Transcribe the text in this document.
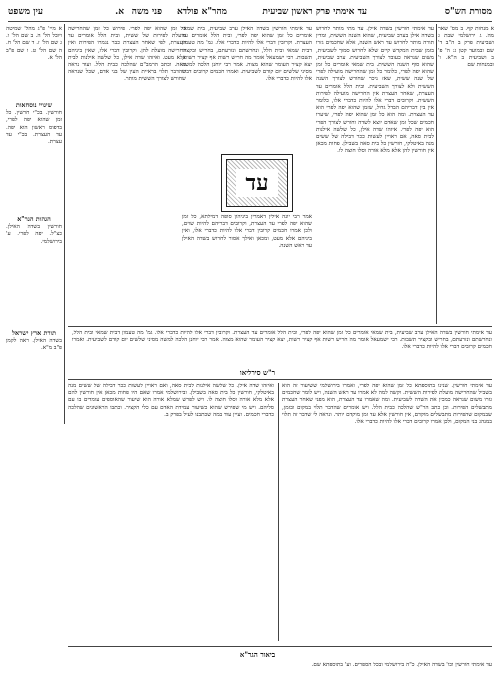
מסורת הש"ס
עד אימתי פרק ראשון שביעית
מהר"א פולדא
פני משה
א.
עין משפט
א מנחות קף. ב מס' שאר מה. ג ירושלמי שבת ג ושביעית פרק ב ה"ב ד' שם ובמועד קטן ג: ה' פ' ב ושביעית ב ה"א. ו' ובמנחות שם
עד אימתי חורשין בשדה אילן. עד מתי מותר לחרוש בשדה אילן בערב שביעית, שהוא השנה הששית, ומדין תורה מותר לחרוש עד ראש השנה, אלא שחכמים גזרו בזמן שבית המקדש קיים שלא לחרוש סמוך לשביעית, משום שנראה כעובד לצורך השביעית. ערב שביעית, שהוא סוף השנה הששית. בית שמאי אומרים כל זמן שהוא יפה לפרי, כלומר כל זמן שהחרישה מועילה לפרי של שנה ששית, שאז ניכר שחורש לצורך השנה הששית ולא לצורך השביעית. ובית הלל אומרים עד העצרת, שאחר העצרת אין החרישה מועילה לפירות הששית. וקרובים דברי אלו להיות כדברי אלו, כלומר אין בין דבריהם הבדל גדול, שזמן שהוא יפה לפרי הוא עד העצרת. ומה הוא כל זמן שהוא יפה לפרי, שיערו חכמים שכל זמן שאדם יוצא לשדה וחורש לצורך הפרי הוא יפה לפרי. איזהו שדה אילן, כל שלשה אילנות לבית סאה, אם ראויין לעשות ככר דבילה של ששים מנה באיטלקי, חורשין כל בית סאה בשבילן. פחות מכאן אין חורשין להן אלא מלא אורה וסלו חוצה לו.
עד אימתי חורשין בשדה האילן ערב שביעית, בית שמאי אומרים כל זמן שהוא יפה לפרי, ובית הלל אומרים עד העצרת. וקרובין דברי אלו להיות כדברי אלו. גמ' מה טעמון דבית שמאי ובית הלל, ונחרשתם ונזרעתם, בחריש ובקציר תשבות. רבי ישמעאל אומר מה חריש רשות אף קציר רשות, יצא קציר העומר שהוא מצוה. אמר רבי יוחנן הלכה למשה מסיני שלשים יום קודם לשביעית. ואמרו חכמים קרובים דברי אלו להיות כדברי אלו.
עד
אמר רבי יונה אילין דאמרין ביניהון סופה דמילתא, כל זמן שהוא יפה לפרי עד העצרת, וקרובים דבריהם להיות שוים, ולכן אמרו חכמים קרובין דברי אלו להיות כדברי אלו, ואין ביניהם אלא מעט, ומכאן ואילך אסור לחרוש בשדה האילן עד ראש השנה.
כל זמן שהוא יפה לפרי. פירוש כל זמן שהחרישה מועלת לפירות של ששית, ובית הלל אומרים עד העצרת, לפי שאחר העצרת כבר נגמרו הפירות ואין החרישה מועלת להן. וקרובין דברי אלו, שאין ביניהם אלא מעט. ואיזהו שדה אילן, כל שלשה אילנות לבית סאה. וכתב הרמב"ם שהלכה כבית הלל. ועוד נראה שהדבר תלוי בראיית העין של בני אדם, שכל שנראה שחורש לצורך הששית מותר.
א מיי' פ"ג מהל' שמיטה ויובל הל' ה. ב שם הל' ו. ג שם הל' ז. ד שם הל' ח. ה שם הל' ט. ו שם פ"ב הל' א.
שינויי נוסחאות
חורשין. בכ"י חרשין. כל זמן שהוא יפה לפרי, בדפוס ראשון הוא יפה. עד העצרת. בכ"י עד עצרת.
הגהות הגר"א
חורשין בשדה האילן. כצ"ל. יפה לפרי. ע' בירושלמי.
תורת ארץ ישראל
בשדה האילן. ראה לקמן פ"ב מ"א.
עד אימתי חורשין בשדה האילן ערב שביעית, בית שמאי אומרים כל זמן שהוא יפה לפרי, ובית הלל אומרים עד העצרת. וקרובין דברי אלו להיות כדברי אלו. גמ' מה טעמון דבית שמאי ובית הלל, ונחרשתם ונזרעתם, בחריש ובקציר תשבות. רבי ישמעאל אומר מה חריש רשות אף קציר רשות, יצא קציר העומר שהוא מצוה. אמר רבי יוחנן הלכה למשה מסיני שלשים יום קודם לשביעית. ואמרו חכמים קרובים דברי אלו להיות כדברי אלו.
ר"ש סירליאו
עד אימתי חורשין. שנינו בתוספתא כל זמן שהוא יפה לפרי, ואמרו בירושלמי ששיעור זה הוא בשביל שהחרישה מועלת לפירות הששית. וקשה למה לא אמרו עד ראש השנה, ויש לומר שחכמים גזרו משום שנראה כמכין את השדה לשביעית. ומה שאמרו עד העצרת, הוא מפני שאחר העצרת מתבשלים הפירות. וכן כתב הר"ש שהלכה כבית הלל. ויש אומרים שהדבר תלוי במקום ובזמן, שבמקום שהפירות מתבשלים מוקדם, אין חורשין אלא עד זמן מוקדם יותר. ונראה לי שדבר זה תלוי במנהג בני המקום, ולכן אמרו קרובים דברי אלו להיות כדברי אלו.
ואיזהו שדה אילן. כל שלשה אילנות לבית סאה, ואם ראויין לעשות ככר דבילה של ששים מנה באיטלקי, חורשין כל בית סאה בשבילן. ובירושלמי אמרו שאם היו פחות מכאן אין חורשין להם אלא מלא אורה וסלו חוצה לו. ויש לפרש שמלא אורה הוא שיעור שהאוספים עומדים בו עם סליהם. ויש מי שפירש שהוא כשיעור עמידת האדם עם כלי הקציר. וכתבו הראשונים שהלכה כדברי חכמים. ועיין עוד במה שכתבנו לעיל בפרק ב.
ביאור הגר"א
עד אימתי חורשין וכו' בשדה האילן. כ"ה בירושלמי ובכל הספרים. וע' בתוספתא שם.
